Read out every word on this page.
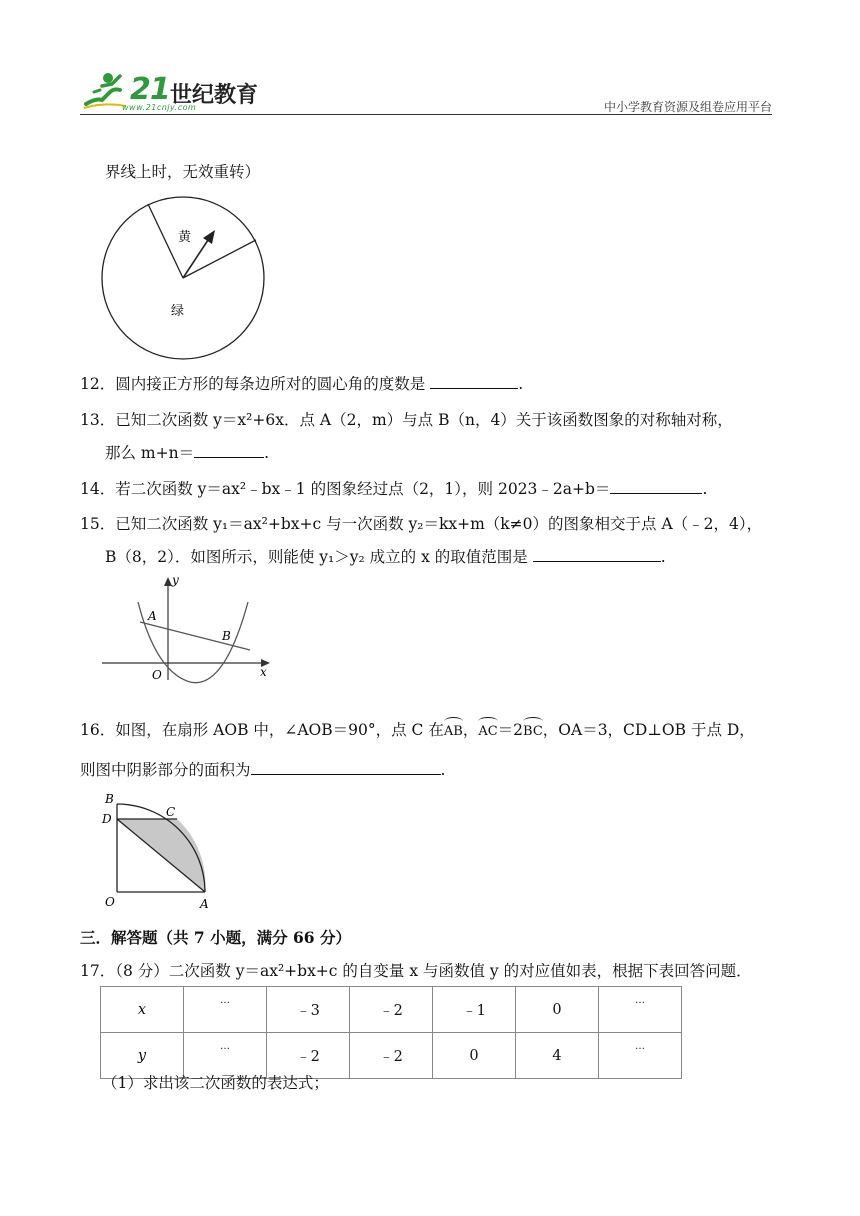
21 世纪教育
www.21cnjy.com	中小学教育资源及组卷应用平台
界线上时，无效重转）
黄
绿
12．圆内接正方形的每条边所对的圆心角的度数是	.
13．已知二次函数 y＝x²+6x．点 A（2，m）与点 B（n，4）关于该函数图象的对称轴对称，
那么 m+n＝	.
14．若二次函数 y＝ax²﹣bx﹣1 的图象经过点（2，1），则 2023﹣2a+b＝	.
15．已知二次函数 y₁＝ax²+bx+c 与一次函数 y₂＝kx+m（k≠0）的图象相交于点 A（﹣2，4），
B（8，2）．如图所示，则能使 y₁＞y₂ 成立的 x 的取值范围是	.
y
x
A
B
O
16．如图，在扇形 AOB 中，∠AOB＝90°，点 C 在AB，AC＝2BC，OA＝3，CD⊥OB 于点 D，
则图中阴影部分的面积为	.
B
C
D
O	A
三．解答题（共 7 小题，满分 66 分）
17．（8 分）二次函数 y＝ax²+bx+c 的自变量 x 与函数值 y 的对应值如表，根据下表回答问题．
x	…	﹣3	﹣2	﹣1	0	…
y	…	﹣2	﹣2	0	4	…
（1）求出该二次函数的表达式；
